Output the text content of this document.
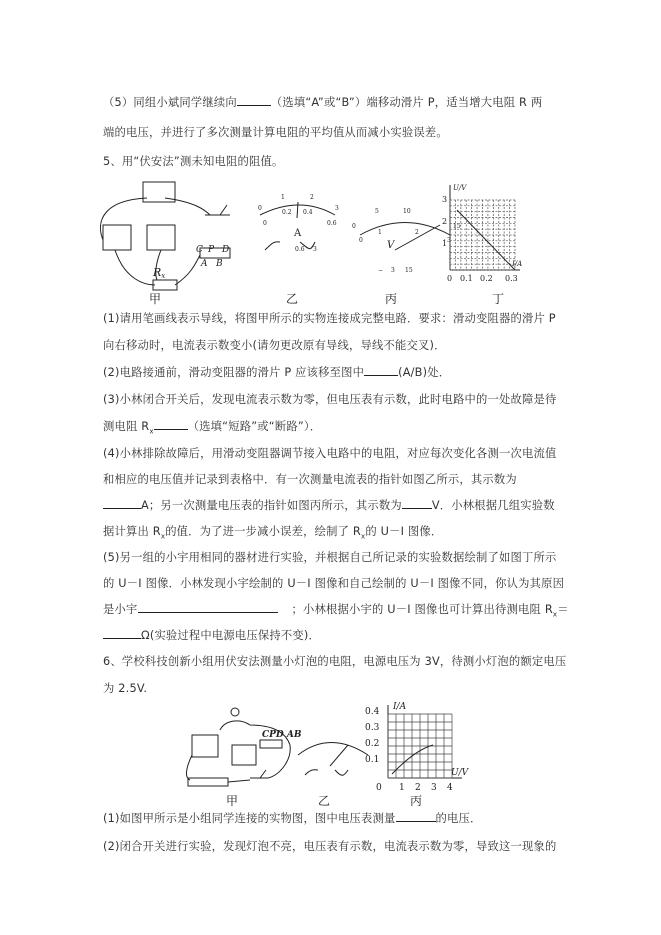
（5）同组小斌同学继续向	（选填“A”或“B”）端移动滑片 P，适当增大电阻 R 两
端的电压，并进行了多次测量计算电阻的平均值从而减小实验误差。
5、用“伏安法”测未知电阻的阻值。
C P D
A B
Rx
0
0.2 0.4
0.6
0
1	2
3
A
0.6 3
0
1	2
3
0
5	10
15
V
− 3 15
U/V
I/A
1
2
3
0 0.1 0.2 0.3
甲	乙	丙	丁
(1)请用笔画线表示导线，将图甲所示的实物连接成完整电路．要求：滑动变阻器的滑片 P
向右移动时，电流表示数变小(请勿更改原有导线，导线不能交叉)．
(2)电路接通前，滑动变阻器的滑片 P 应该移至图中	(A/B)处．
(3)小林闭合开关后，发现电流表示数为零，但电压表有示数，此时电路中的一处故障是待
测电阻 $R_x$	（选填“短路”或“断路”）．
(4)小林排除故障后，用滑动变阻器调节接入电路中的电阻，对应每次变化各测一次电流值
和相应的电压值并记录到表格中．有一次测量电流表的指针如图乙所示，其示数为
A；另一次测量电压表的指针如图丙所示，其示数为	V．小林根据几组实验数
据计算出 $R_x$的值．为了进一步减小误差，绘制了 $R_x$的 U－I 图像．
(5)另一组的小宇用相同的器材进行实验，并根据自己所记录的实验数据绘制了如图丁所示
的 U－I 图像．小林发现小宇绘制的 U－I 图像和自己绘制的 U－I 图像不同，你认为其原因
是小宇	；小林根据小宇的 U－I 图像也可计算出待测电阻 $R_x=$
Ω(实验过程中电源电压保持不变)．
6、学校科技创新小组用伏安法测量小灯泡的电阻，电源电压为 3V，待测小灯泡的额定电压
为 2.5V.
CPD AB
I/A
U/V
0.1
0.2
0.3
0.4
0 1 2 3 4
甲	乙	丙
(1)如图甲所示是小组同学连接的实物图，图中电压表测量	的电压．
(2)闭合开关进行实验，发现灯泡不亮，电压表有示数，电流表示数为零，导致这一现象的
